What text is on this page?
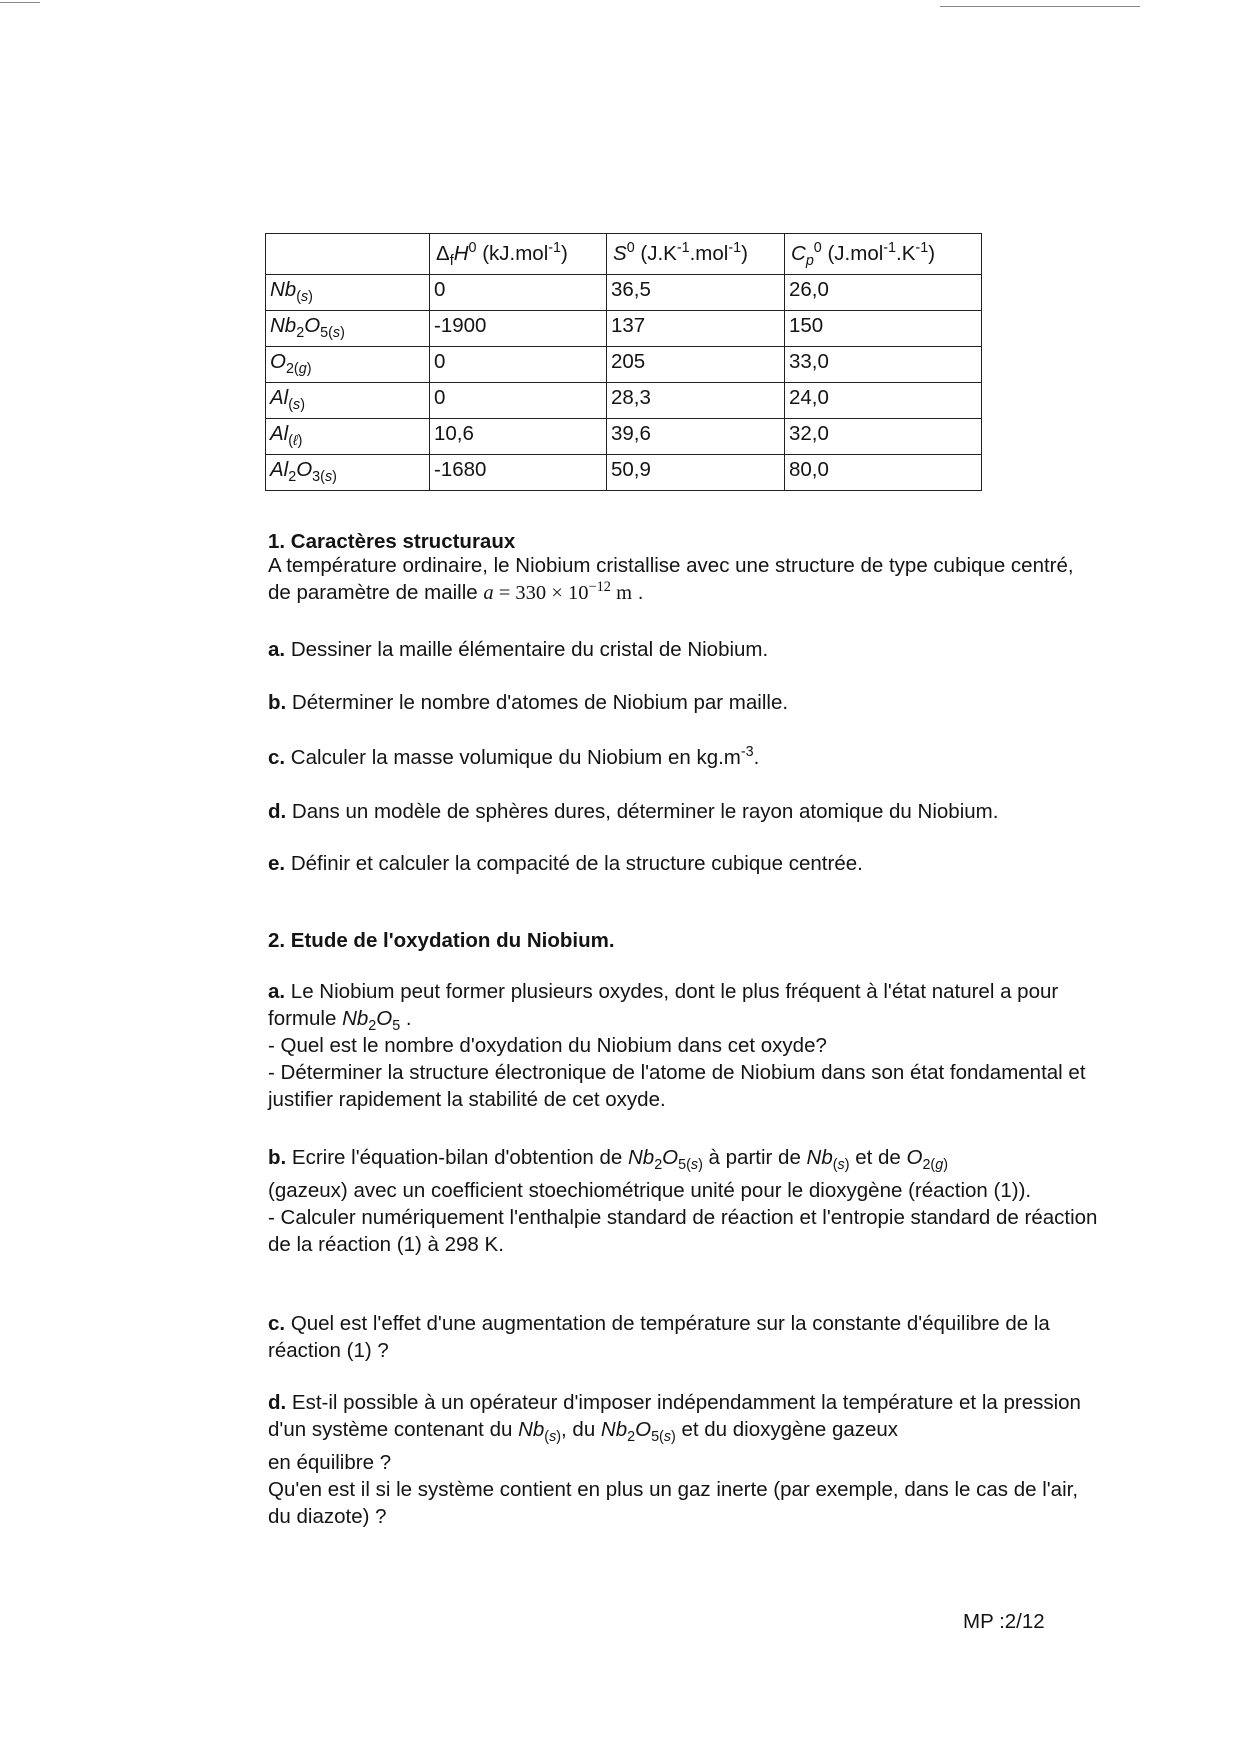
	$\Delta_fH^0$ (kJ.mol$^{-1}$)	$S^0$ $(J.K^{-1}.mol^{-1})$	$C_p^0$ $(J.mol^{-1}.K^{-1})$
$Nb_{(s)}$	0	36,5	26,0
$Nb_2O_{5(s)}$	-1900	137	150
$O_{2(g)}$	0	205	33,0
$Al_{(s)}$	0	28,3	24,0
$Al_{(\ell)}$	10,6	39,6	32,0
$Al_2O_{3(s)}$	-1680	50,9	80,0
1. Caractères structuraux
A température ordinaire, le Niobium cristallise avec une structure de type cubique centré, de paramètre de maille $a = 330 \times 10^{-12}$ m .
a. Dessiner la maille élémentaire du cristal de Niobium.
b. Déterminer le nombre d'atomes de Niobium par maille.
c. Calculer la masse volumique du Niobium en $kg.m^{-3}$.
d. Dans un modèle de sphères dures, déterminer le rayon atomique du Niobium.
e. Définir et calculer la compacité de la structure cubique centrée.
2. Etude de l'oxydation du Niobium.
a. Le Niobium peut former plusieurs oxydes, dont le plus fréquent à l'état naturel a pour formule $Nb_2O_5$ .
- Quel est le nombre d'oxydation du Niobium dans cet oxyde?
- Déterminer la structure électronique de l'atome de Niobium dans son état fondamental et justifier rapidement la stabilité de cet oxyde.
b. Ecrire l'équation-bilan d'obtention de $Nb_2O_{5(s)}$ à partir de $Nb_{(s)}$ et de $O_{2(g)}$
(gazeux) avec un coefficient stoechiométrique unité pour le dioxygène (réaction (1)).
- Calculer numériquement l'enthalpie standard de réaction et l'entropie standard de réaction de la réaction (1) à 298 K.
c. Quel est l'effet d'une augmentation de température sur la constante d'équilibre de la réaction (1) ?
d. Est-il possible à un opérateur d'imposer indépendamment la température et la pression d'un système contenant du $Nb_{(s)}$, du $Nb_2O_{5(s)}$ et du dioxygène gazeux
en équilibre ?
Qu'en est il si le système contient en plus un gaz inerte (par exemple, dans le cas de l'air, du diazote) ?
MP :2/12
